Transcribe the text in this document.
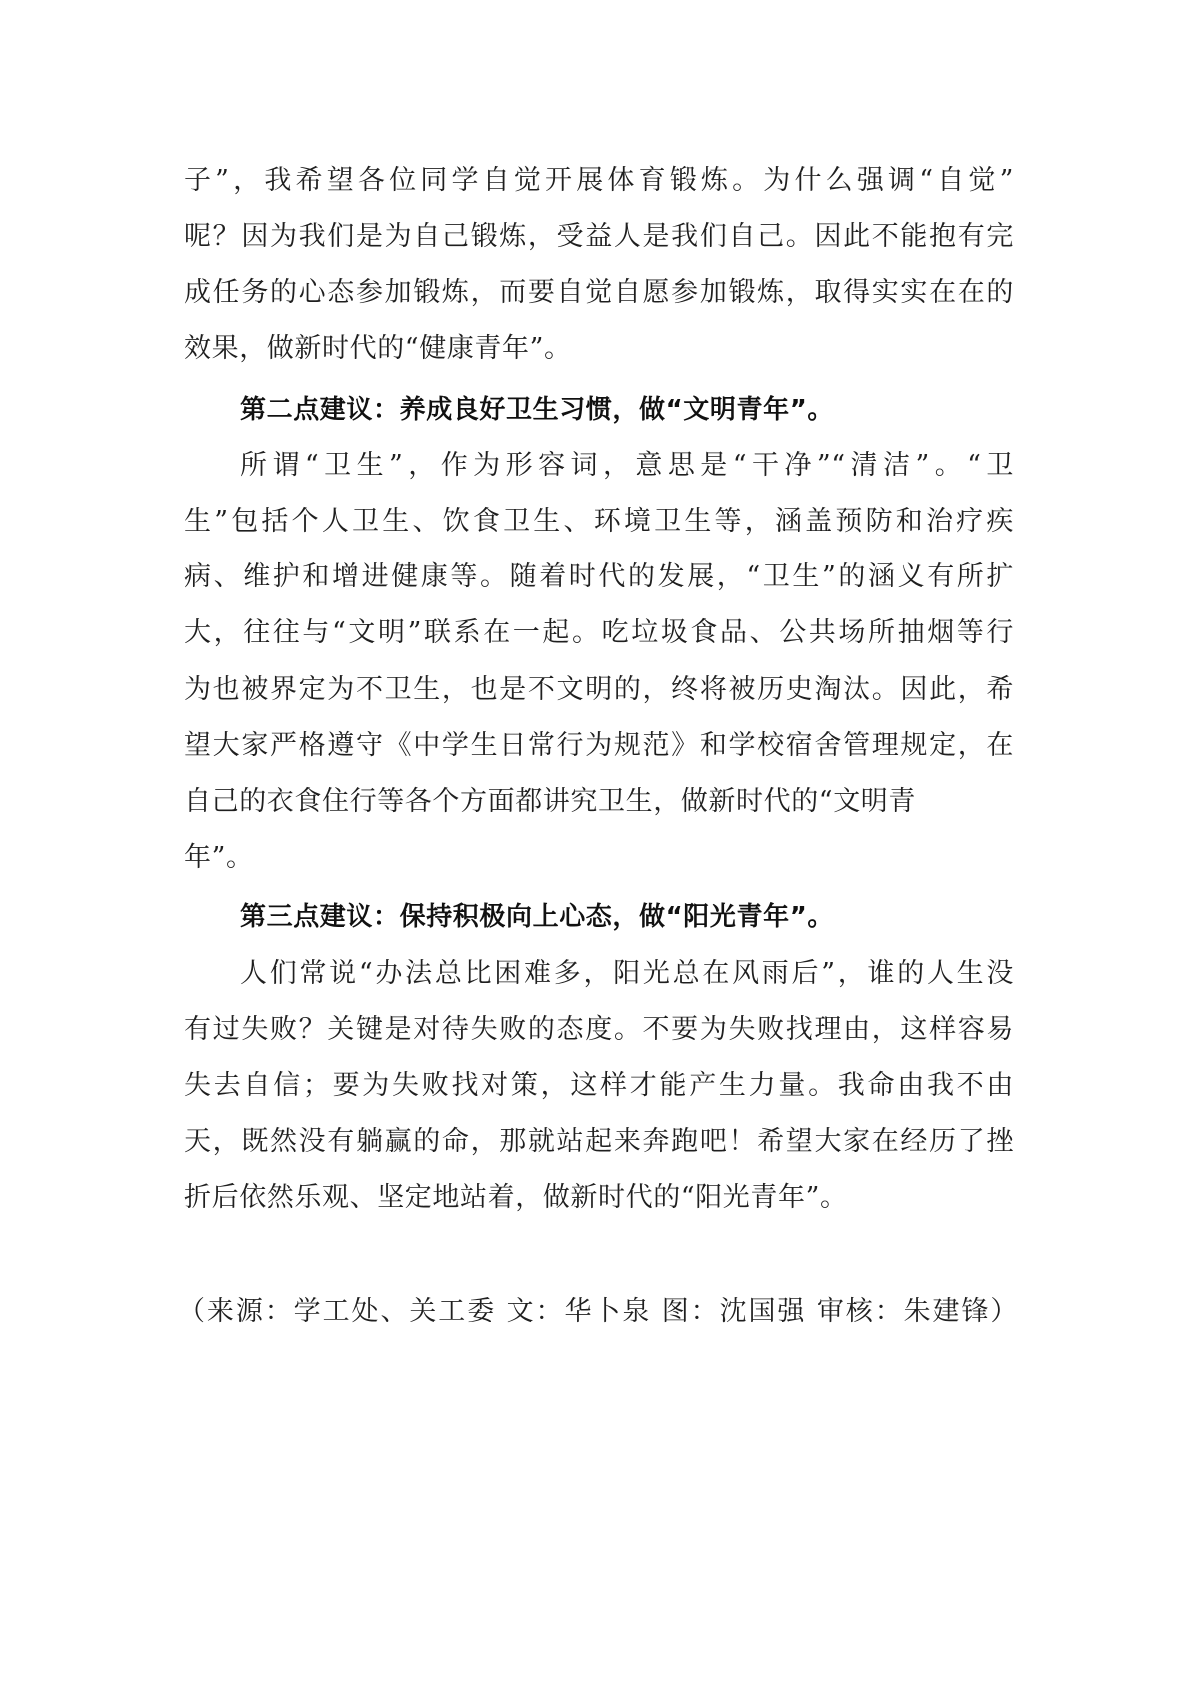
子”，我希望各位同学自觉开展体育锻炼。为什么强调“自觉”
呢？因为我们是为自己锻炼，受益人是我们自己。因此不能抱有完
成任务的心态参加锻炼，而要自觉自愿参加锻炼，取得实实在在的
效果，做新时代的“健康青年”。
第二点建议：养成良好卫生习惯，做“文明青年”。
所谓“卫生”，作为形容词，意思是“干净”“清洁”。“卫
生”包括个人卫生、饮食卫生、环境卫生等，涵盖预防和治疗疾
病、维护和增进健康等。随着时代的发展，“卫生”的涵义有所扩
大，往往与“文明”联系在一起。吃垃圾食品、公共场所抽烟等行
为也被界定为不卫生，也是不文明的，终将被历史淘汰。因此，希
望大家严格遵守《中学生日常行为规范》和学校宿舍管理规定，在
自己的衣食住行等各个方面都讲究卫生，做新时代的“文明青
年”。
第三点建议：保持积极向上心态，做“阳光青年”。
人们常说“办法总比困难多，阳光总在风雨后”，谁的人生没
有过失败？关键是对待失败的态度。不要为失败找理由，这样容易
失去自信；要为失败找对策，这样才能产生力量。我命由我不由
天，既然没有躺赢的命，那就站起来奔跑吧！希望大家在经历了挫
折后依然乐观、坚定地站着，做新时代的“阳光青年”。
（来源：学工处、关工委 文：华卜泉 图：沈国强 审核：朱建锋）
